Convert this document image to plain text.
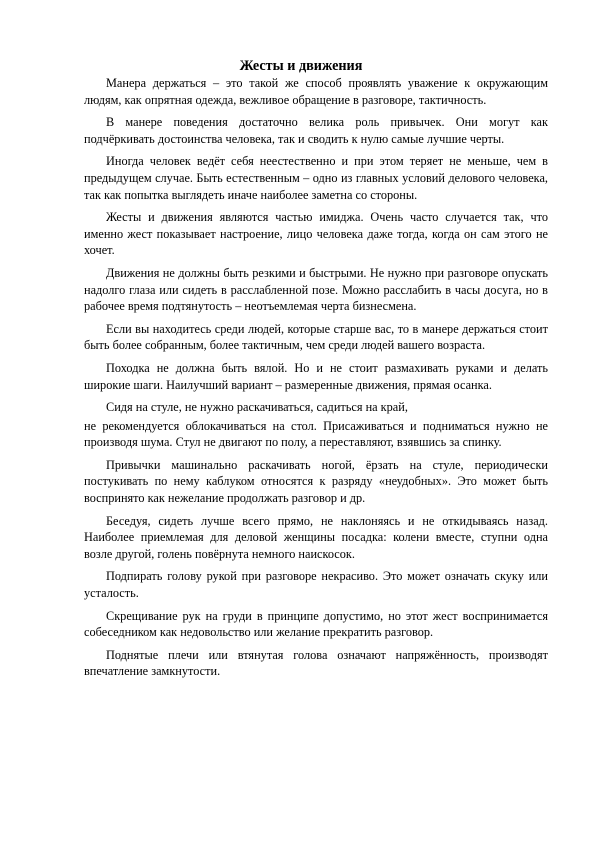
Жесты и движения

Манера держаться – это такой же способ проявлять уважение к окружающим людям, как опрятная одежда, вежливое обращение в разговоре, тактичность.

В манере поведения достаточно велика роль привычек. Они могут как подчёркивать достоинства человека, так и сводить к нулю самые лучшие черты.

Иногда человек ведёт себя неестественно и при этом теряет не меньше, чем в предыдущем случае. Быть естественным – одно из главных условий делового человека, так как попытка выглядеть иначе наиболее заметна со стороны.

Жесты и движения являются частью имиджа. Очень часто случается так, что именно жест показывает настроение, лицо человека даже тогда, когда он сам этого не хочет.

Движения не должны быть резкими и быстрыми. Не нужно при разговоре опускать надолго глаза или сидеть в расслабленной позе. Можно расслабить в часы досуга, но в рабочее время подтянутость – неотъемлемая черта бизнесмена.

Если вы находитесь среди людей, которые старше вас, то в манере держаться стоит быть более собранным, более тактичным, чем среди людей вашего возраста.

Походка не должна быть вялой. Но и не стоит размахивать руками и делать широкие шаги. Наилучший вариант – размеренные движения, прямая осанка.

Сидя на стуле, не нужно раскачиваться, садиться на край,

не рекомендуется облокачиваться на стол. Присаживаться и подниматься нужно не производя шума. Стул не двигают по полу, а переставляют, взявшись за спинку.

Привычки машинально раскачивать ногой, ёрзать на стуле, периодически постукивать по нему каблуком относятся к разряду «неудобных». Это может быть воспринято как нежелание продолжать разговор и др.

Беседуя, сидеть лучше всего прямо, не наклоняясь и не откидываясь назад. Наиболее приемлемая для деловой женщины посадка: колени вместе, ступни одна возле другой, голень повёрнута немного наискосок.

Подпирать голову рукой при разговоре некрасиво. Это может означать скуку или усталость.

Скрещивание рук на груди в принципе допустимо, но этот жест воспринимается собеседником как недовольство или желание прекратить разговор.

Поднятые плечи или втянутая голова означают напряжённость, производят впечатление замкнутости.
